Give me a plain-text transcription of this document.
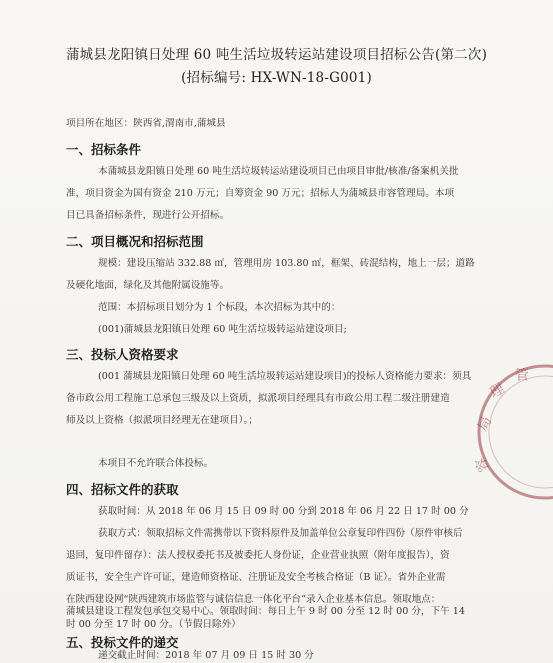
蒲城县龙阳镇日处理 60 吨生活垃圾转运站建设项目招标公告(第二次)
(招标编号: HX-WN-18-G001)
项目所在地区：陕西省,渭南市,蒲城县
一、招标条件
本蒲城县龙阳镇日处理 60 吨生活垃圾转运站建设项目已由项目审批/核准/备案机关批
准，项目资金为国有资金 210 万元；自筹资金 90 万元；招标人为蒲城县市容管理局。本项
目已具备招标条件，现进行公开招标。
二、项目概况和招标范围
规模：建设压缩站 332.88 ㎡，管理用房 103.80 ㎡，框架、砖混结构，地上一层；道路
及硬化地面，绿化及其他附属设施等。
范围：本招标项目划分为 1 个标段，本次招标为其中的：
(001)蒲城县龙阳镇日处理 60 吨生活垃圾转运站建设项目;
三、投标人资格要求
(001 蒲城县龙阳镇日处理 60 吨生活垃圾转运站建设项目)的投标人资格能力要求：须具
备市政公用工程施工总承包三级及以上资质，拟派项目经理具有市政公用工程二级注册建造
师及以上资格（拟派项目经理无在建项目）。；
本项目不允许联合体投标。
四、招标文件的获取
获取时间：从 2018 年 06 月 15 日 09 时 00 分到 2018 年 06 月 22 日 17 时 00 分
获取方式：领取招标文件需携带以下资料原件及加盖单位公章复印件四份（原件审核后
退回，复印件留存）：法人授权委托书及被委托人身份证，企业营业执照（附年度报告），资
质证书，安全生产许可证，建造师资格证、注册证及安全考核合格证（B 证）。省外企业需
在陕西建设网“陕西建筑市场监管与诚信信息一体化平台”录入企业基本信息。领取地点：
蒲城县建设工程发包承包交易中心。领取时间：每日上午 9 时 00 分至 12 时 00 分，下午 14
时 00 分至 17 时 00 分。（节假日除外）
五、投标文件的递交
递交截止时间：2018 年 07 月 09 日 15 时 30 分
局
理
管
容
